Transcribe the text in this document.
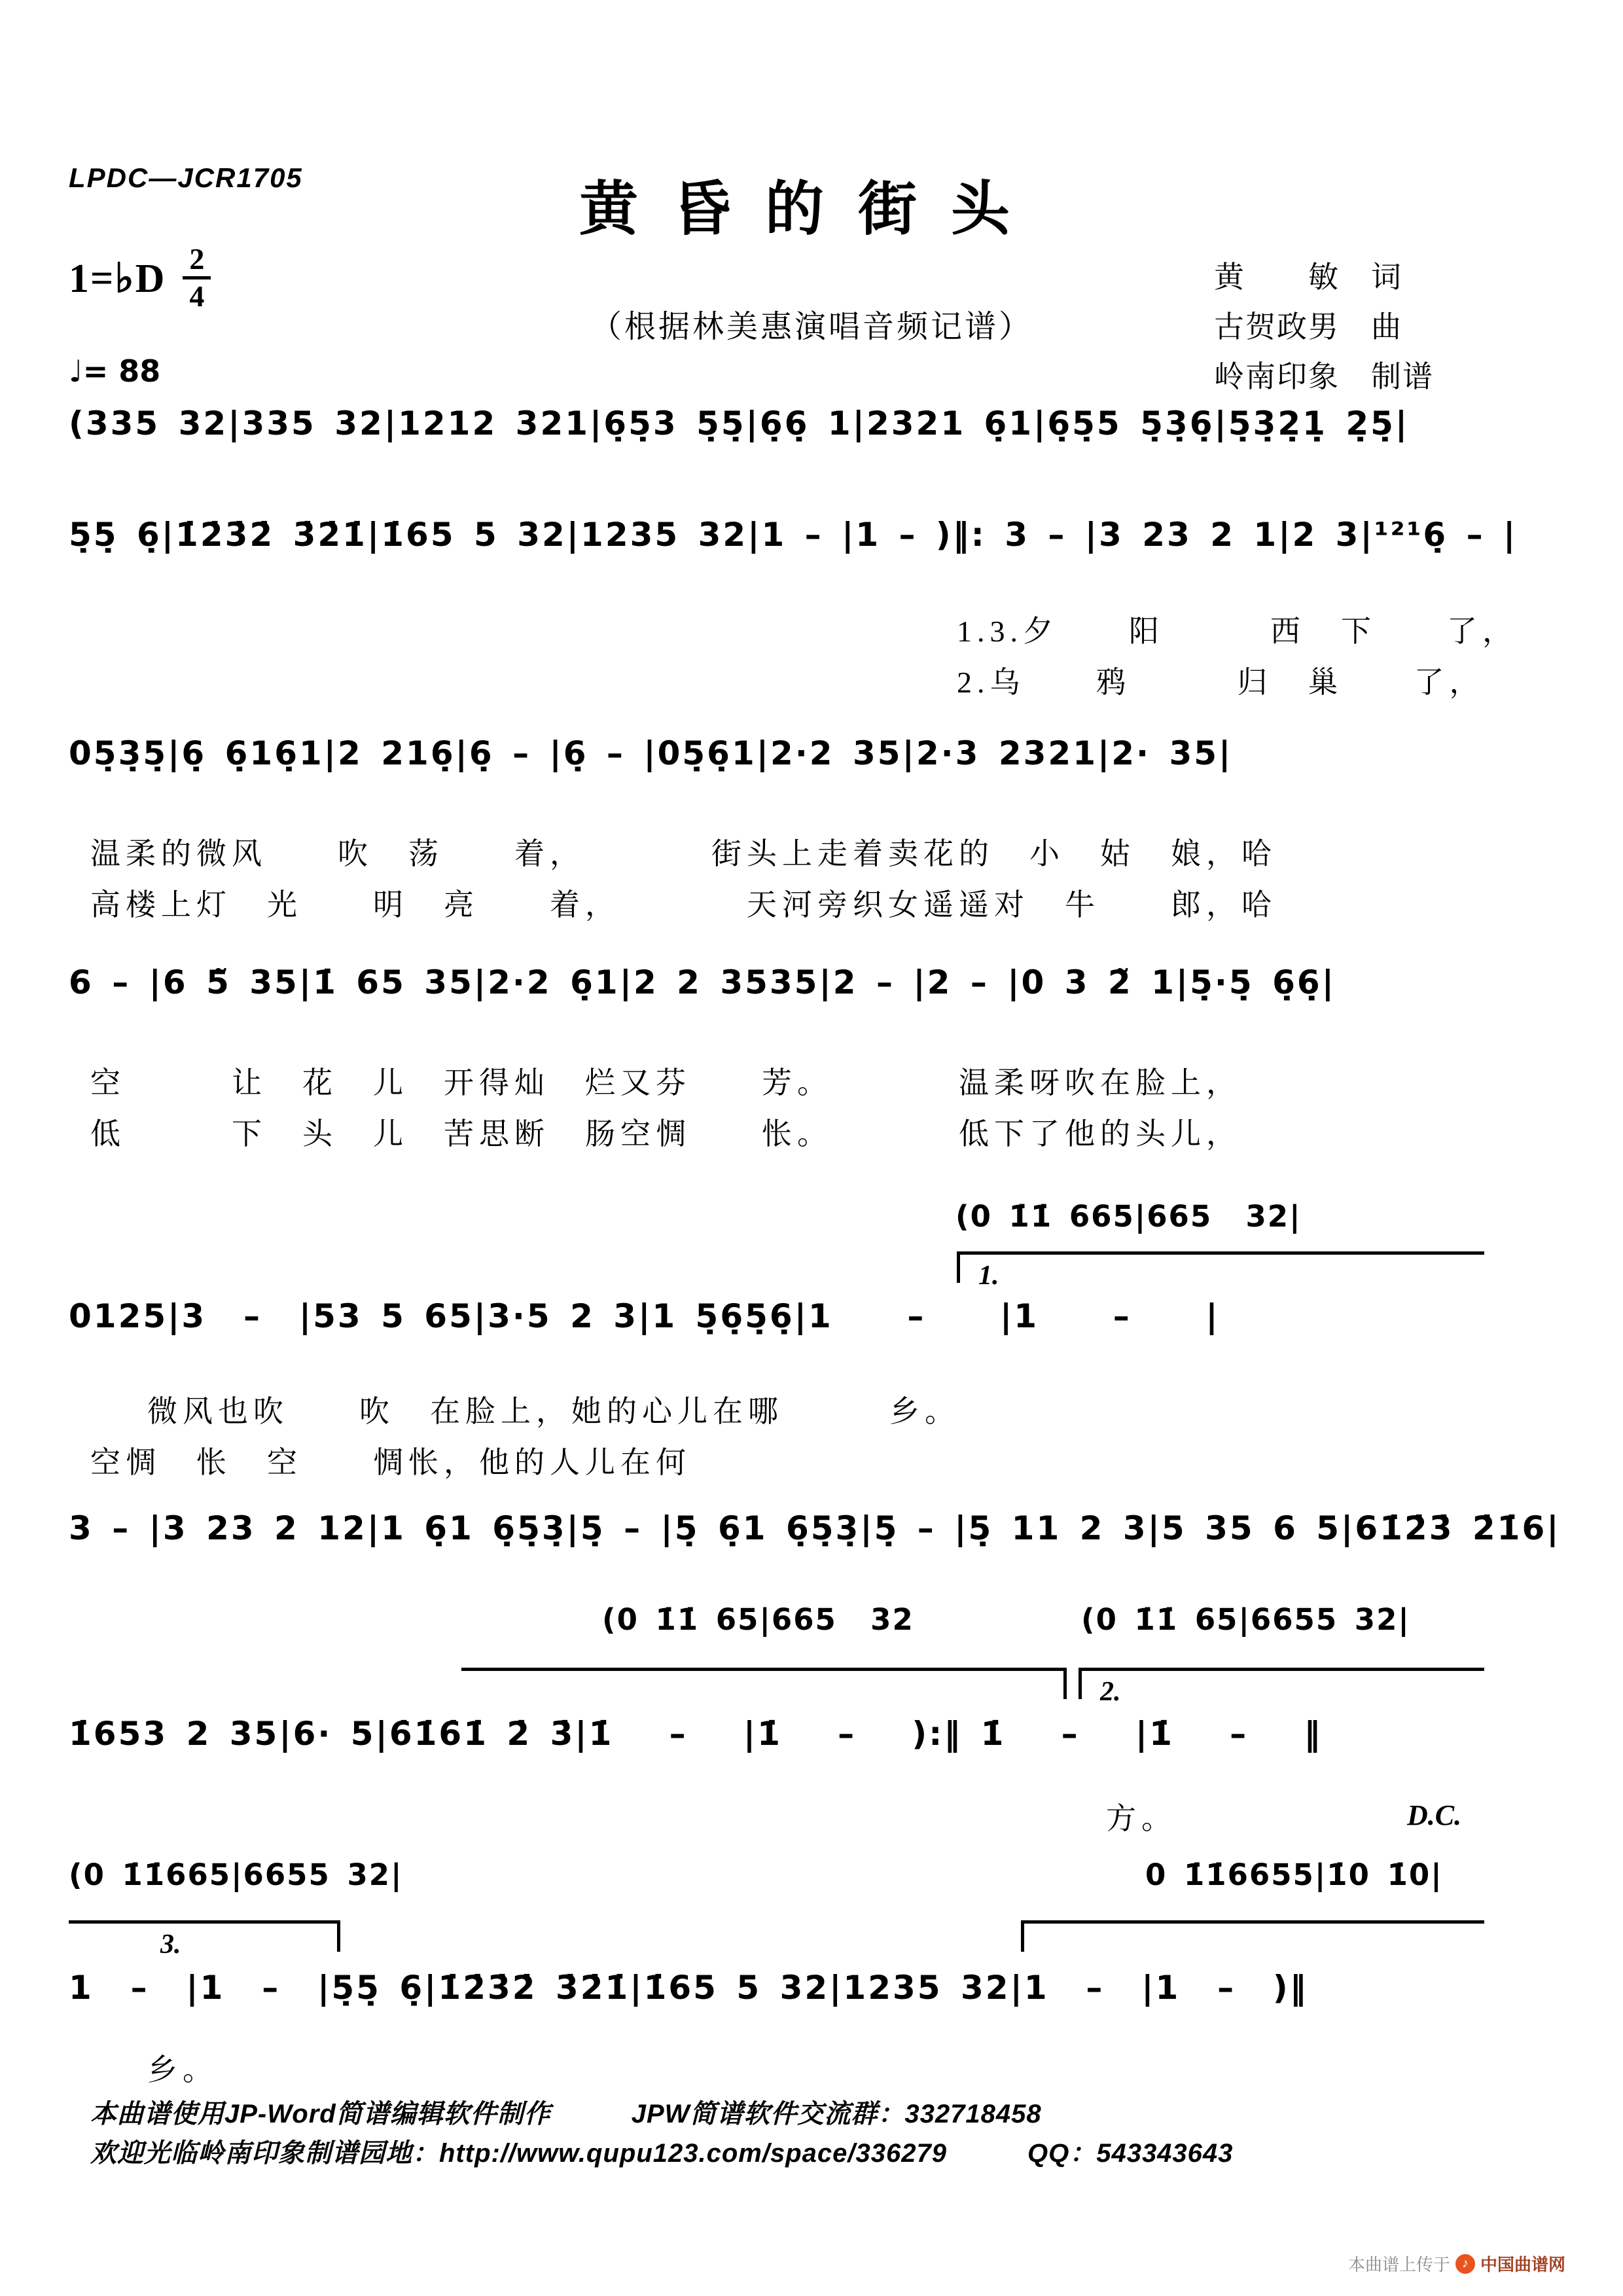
LPDC—JCR1705	黄昏的街头
（根据林美惠演唱音频记谱）
1=♭D $\frac{2}{4}$
♩= 88
黄　　敏　词
古贺政男　曲
岭南印象　制谱
(335 32|335 32|1212 321|6̣5̣3 5̣5̣|6̣6̣ 1|2321 6̣1|6̣5̣5 5̣3̣6̣|5̣3̣2̣1̣ 2̣5̣|
5̣5̣ 6̣|1̇2̇3̇2̇ 3̇2̇1̇|1̇65 5 32|1235 32|1 – |1 – )‖: 3 – |3 23 2 1|2 3|¹²¹6̣ – |
1.3.夕　　阳　　　西　下　　了，
2.乌　　鸦　　　归　巢　　了，
05̣3̣5̣|6̣ 6̣16̣1|2 216̣|6̣ – |6̣ – |05̣6̣1|2·2 35|2·3 2321|2· 35|
温柔的微风　　吹　荡　　着，　　　　街头上走着卖花的　小　姑　娘，哈
高楼上灯　光　　明　亮　　着，　　　　天河旁织女遥遥对　牛　　郎，哈
6 – |6 5̃ 35|1̇ 65 35|2·2 6̣1|2 2 3535|2 – |2 – |0 3 2̃ 1|5̣·5̣ 6̣6̣|
空　　　让　花　儿　开得灿　烂又芬　　芳。　　　　温柔呀吹在脸上，
低　　　下　头　儿　苦思断　肠空惆　　怅。　　　　低下了他的头儿，
(0 1̇1̇ 665|665  32|
1.
0125|3  –  |53 5 65|3·5 2 3|1 5̣6̣5̣6̣|1    –    |1    –    |
微风也吹　　吹　在脸上，她的心儿在哪　　　乡。
空惆　怅　空　　惆怅，他的人儿在何
3 – |3 23 2 12|1 6̣1 6̣5̣3̣|5̣ – |5̣ 6̣1 6̣5̣3̣|5̣ – |5̣ 11 2 3|5 35 6 5|61̇2̇3̇ 2̇1̇6|
(0 1̇1̇ 65|665  32	(0 1̇1̇ 65|6655 32|
2.
1̇653 2 35|6· 5|6̇1̇6̇1̇ 2̇ 3̇|1̇   –   |1̇   –   ):‖ 1̇   –   |1̇   –   ‖
方。	D.C.
(0 1̇1̇665|6655 32|	0 1̇1̇6655|1̇0 1̇0|
3.
1  –  |1  –  |5̣5̣ 6̣|1̇2̇3̇2̇ 3̇2̇1̇|1̇65 5 32|1235 32|1  –  |1  –  )‖
乡。
本曲谱使用JP-Word简谱编辑软件制作　　　JPW简谱软件交流群：332718458
欢迎光临岭南印象制谱园地：http://www.qupu123.com/space/336279　　　QQ：543343643
本曲谱上传于 ♪ 中国曲谱网
